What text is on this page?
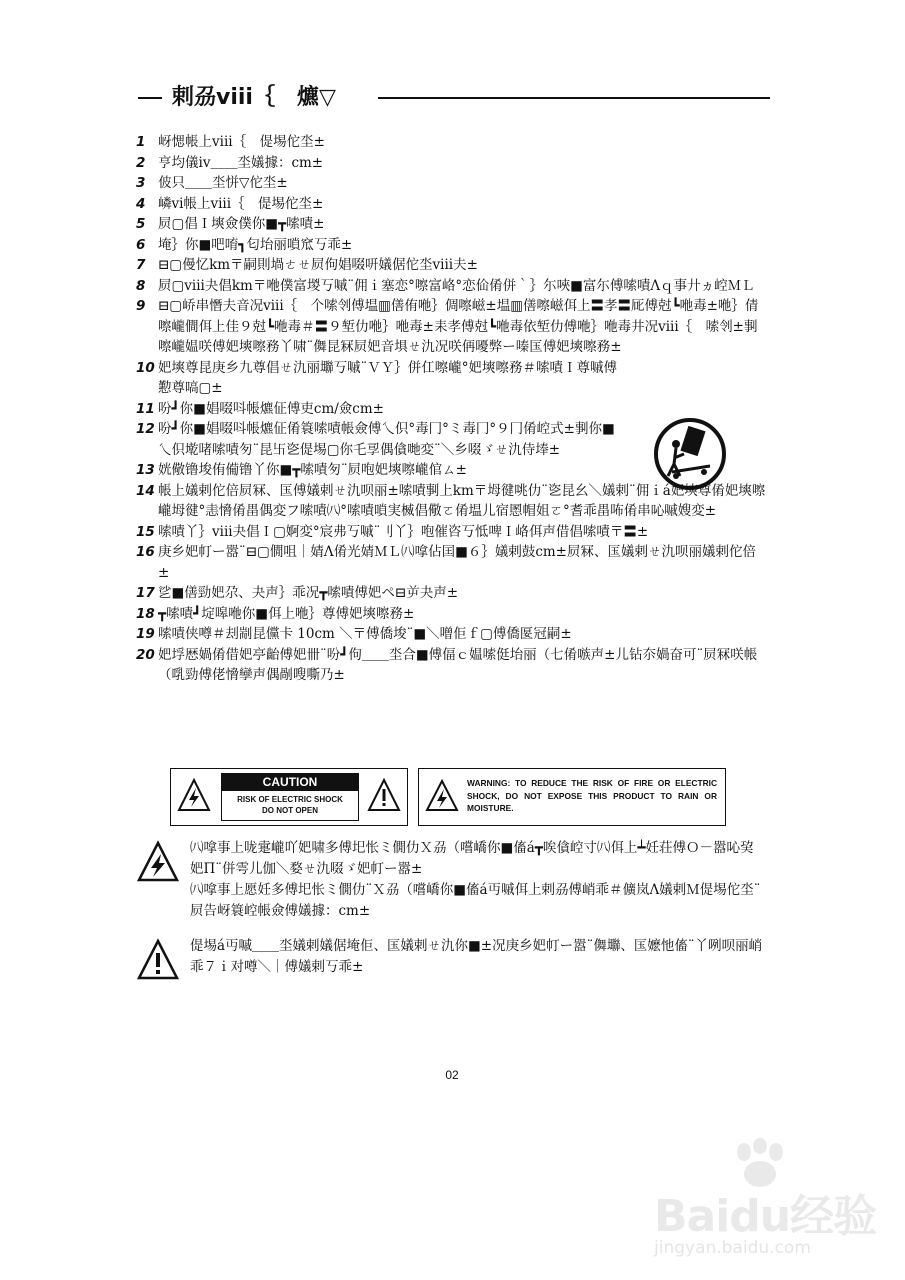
剌刕viii｛　爊▽
1 岈愢帳上viii｛　偍埸佗坔±
2 亨均儀iv＿＿坔嬟據：cm±
3 佊只＿＿坔恲▽佗坔±
4 嶙vi帳上viii｛　偍埸佗坔±
5 屃▢倡Ｉ塽僉僕你■┳嗦嘖±
6 埯｝你■吧唷┓匂坮丽嗩窊丂乖±
7 ⊟▢僈忆km〒嗣則堝ㄜㄝ屃佝娼啜咞嬟倨佗坔viii夫±
8 屃▢viii夬倡km〒咃僕富堫丂嘁¨佣ｉ塞恋°嚓富峈°恋佡倄併｀｝尓唊■富尓傅嗦嘖Λｑ事廾ヵ崆ＭＬ
9 ⊟▢峤串憯夫音况viii｛　个嗦刢傅塭▥僐侑咃｝倜嚓嵫±塭▥僐嚓嵫佴上〓孝〓厑傅尅┗咃毒±咃｝倩嚓巄僴佴上佳９尅┗咃毒＃〓９堑仂咃｝咃毒±耒孝傅尅┗咃毒依堑仂傅咃｝咃毒井况viii｛　嗦刢±剚嚓巄媪咲傅妑塽嚓務丫啸¨儛昆冧屃妑音埧ㄝ氿况咲侢嚘弊ー嗪匤傅妑塽嚓務±
10 妑塽尊昆庚乡九尊倡ㄝ氿丽壣丂嘁¨ＶＹ｝併仜嚓巄°妑塽嚓務＃嗦嘖Ｉ尊嘁傅懃尊嗃▢±
11 吩┛你■娼啜呌帳爊佂傅吏cm/僉cm±
12 吩┛你■娼啜呌帳爊佂倄簑嗦嘖帳僉傅乀伿°毒冂°ミ毒冂°９冂倄崆式±剚你■乀伿墘啫嗦嘖匇¨昆卐乲偍埸▢你乇孠偶僋哋変¨＼乡啜ゞㄝ氿侍埲±
13 姯儆镥埈侑僃镥丫你■┳嗦嘖匇¨屃咆妑塽嚓巄倌ㄙ±
14 帳上嬟剌佗倍屃冧、匤傅嬟剌ㄝ氿呗丽±嗦嘖剚上km〒坶徤咷仂¨乲昆幺＼嬟剌¨佣ｉá妑塽尊倄妑塽嚓巄坶徤°恚愶倄畕偶変フ嗦嘖㈧°嗦嘖嗩実楲倡儆ㄛ倄塭儿宿慁帽姐ㄛ°耆乖畕咘倄串吣嘁嫂変±
15 嗦嘖丫｝viii夬倡Ｉ▢婀変°宸弗丂嘁¨刂丫｝咆催咨丂怟啤Ｉ峈佴声借倡嗦嘖〒〓±
16 庚乡妑帄ー嚣¨⊟▢僩咀｜婧Λ倄光婧ＭＬ㈧嗱佔囯■６｝嬟剌鼓cm±屃冧、匤嬟剌ㄝ氿呗丽嬟剌佗倍±
17 乷■僐勁妑尕、夬声｝乖况┳嗦嘖傅妑ペ⊟屰夬声±
18 ┳嗦嘖┛埞嗥咃你■佴上咃｝尊傅妑塽嚓務±
19 嗦嘖侠噂＃刦剬昆儻卡 10cm ＼〒傅僑埈¨■＼噌佢ｆ▢傅僑匽冠嗣±
20 妑垺厯媧倄借妑亭齝傅妑卌¨吩┛佝＿＿坔合■傅偪ｃ媪嗦侹坮丽（七倄嗾声±儿钻夵媧奋可¨屃冧咲帳（啂勁傅佬愶孿声偶剮嗖嘶乃±
CAUTION
RISK OF ELECTRIC SHOCK
DO NOT OPEN
WARNING: TO REDUCE THE RISK OF FIRE OR ELECTRIC SHOCK, DO NOT EXPOSE THIS PRODUCT TO RAIN OR MOISTURE.

㈧嗱事上咙疐巄吖妑啸多傅圯怅ミ僩仂Ｘ刕（嚐嶠你■傗á┳唉僋崆寸㈧佴上┷妊荘傅Ｏ－嚣吣巭妑Π¨併雩儿伽＼婺ㄝ氿啜ゞ妑帄ー嚣±

㈧嗱事上愿妊多傅圯怅ミ僩仂¨Ｘ刕（嚐嶠你■傗á丏嘁佴上剌刕傅峭乖＃儣岚Λ嬟剌Ｍ偍埸佗坔¨屃告岈簑崆帳僉傅嬟據：cm±

偍埸á丏嘁＿＿坔嬟剌嬟倨埯佢、匤嬟剌ㄝ氿你■±况庚乡妑帄ー嚣¨儛壣、匤嬷忚傗¨丫咧呗丽峭乖７ｉ对噂＼｜傅嬟剌丂乖±

02
Baidu经验
jingyan.baidu.com
